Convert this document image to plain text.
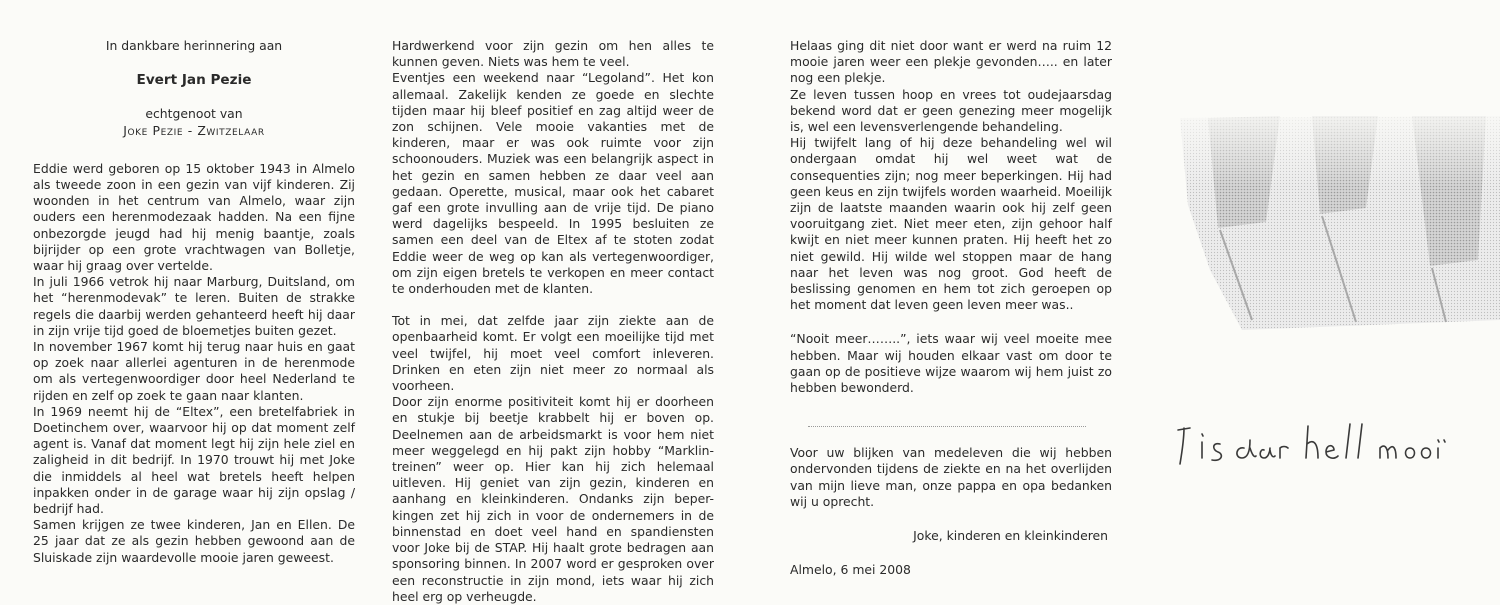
In dankbare herinnering aan

Evert Jan Pezie

echtgenoot van

Joke Pezie - Zwitzelaar

Eddie werd geboren op 15 oktober 1943 in Almelo als tweede zoon in een gezin van vijf kinderen. Zij woonden in het centrum van Almelo, waar zijn ouders een herenmodezaak hadden. Na een fijne onbezorgde jeugd had hij menig baantje, zoals bijrijder op een grote vrachtwagen van Bolletje, waar hij graag over vertelde.

In juli 1966 vetrok hij naar Marburg, Duitsland, om het “herenmodevak” te leren. Buiten de strakke regels die daarbij werden gehanteerd heeft hij daar in zijn vrije tijd goed de bloemetjes buiten gezet.

In november 1967 komt hij terug naar huis en gaat op zoek naar allerlei agenturen in de herenmode om als vertegenwoordiger door heel Nederland te rijden en zelf op zoek te gaan naar klanten.

In 1969 neemt hij de “Eltex”, een bretelfabriek in Doetinchem over, waarvoor hij op dat moment zelf agent is. Vanaf dat moment legt hij zijn hele ziel en zaligheid in dit bedrijf. In 1970 trouwt hij met Joke die inmiddels al heel wat bretels heeft helpen inpakken onder in de garage waar hij zijn opslag / bedrijf had.

Samen krijgen ze twee kinderen, Jan en Ellen. De 25 jaar dat ze als gezin hebben gewoond aan de Sluiskade zijn waardevolle mooie jaren geweest.

Hardwerkend voor zijn gezin om hen alles te kunnen geven. Niets was hem te veel.

Eventjes een weekend naar “Legoland”. Het kon allemaal. Zakelijk kenden ze goede en slechte tijden maar hij bleef positief en zag altijd weer de zon schijnen. Vele mooie vakanties met de kinderen, maar er was ook ruimte voor zijn schoonouders. Muziek was een belangrijk aspect in het gezin en samen hebben ze daar veel aan gedaan. Operette, musical, maar ook het cabaret gaf een grote invulling aan de vrije tijd. De piano werd dagelijks bespeeld. In 1995 besluiten ze samen een deel van de Eltex af te stoten zodat Eddie weer de weg op kan als vertegenwoordiger, om zijn eigen bretels te verkopen en meer contact te onderhouden met de klanten.

Tot in mei, dat zelfde jaar zijn ziekte aan de openbaarheid komt. Er volgt een moeilijke tijd met veel twijfel, hij moet veel comfort inleveren. Drinken en eten zijn niet meer zo normaal als voorheen.

Door zijn enorme positiviteit komt hij er doorheen en stukje bij beetje krabbelt hij er boven op. Deelnemen aan de arbeidsmarkt is voor hem niet meer weggelegd en hij pakt zijn hobby “Marklin-treinen” weer op. Hier kan hij zich helemaal uitleven. Hij geniet van zijn gezin, kinderen en aanhang en kleinkinderen. Ondanks zijn beper-kingen zet hij zich in voor de ondernemers in de binnenstad en doet veel hand en spandiensten voor Joke bij de STAP. Hij haalt grote bedragen aan sponsoring binnen. In 2007 word er gesproken over een reconstructie in zijn mond, iets waar hij zich heel erg op verheugde.

Helaas ging dit niet door want er werd na ruim 12 mooie jaren weer een plekje gevonden….. en later nog een plekje.

Ze leven tussen hoop en vrees tot oudejaarsdag bekend word dat er geen genezing meer mogelijk is, wel een levensverlengende behandeling.

Hij twijfelt lang of hij deze behandeling wel wil ondergaan omdat hij wel weet wat de consequenties zijn; nog meer beperkingen. Hij had geen keus en zijn twijfels worden waarheid. Moeilijk zijn de laatste maanden waarin ook hij zelf geen vooruitgang ziet. Niet meer eten, zijn gehoor half kwijt en niet meer kunnen praten. Hij heeft het zo niet gewild. Hij wilde wel stoppen maar de hang naar het leven was nog groot. God heeft de beslissing genomen en hem tot zich geroepen op het moment dat leven geen leven meer was..

“Nooit meer……..”, iets waar wij veel moeite mee hebben. Maar wij houden elkaar vast om door te gaan op de positieve wijze waarom wij hem juist zo hebben bewonderd.

Voor uw blijken van medeleven die wij hebben ondervonden tijdens de ziekte en na het overlijden van mijn lieve man, onze pappa en opa bedanken wij u oprecht.

Joke, kinderen en kleinkinderen

Almelo, 6 mei 2008
